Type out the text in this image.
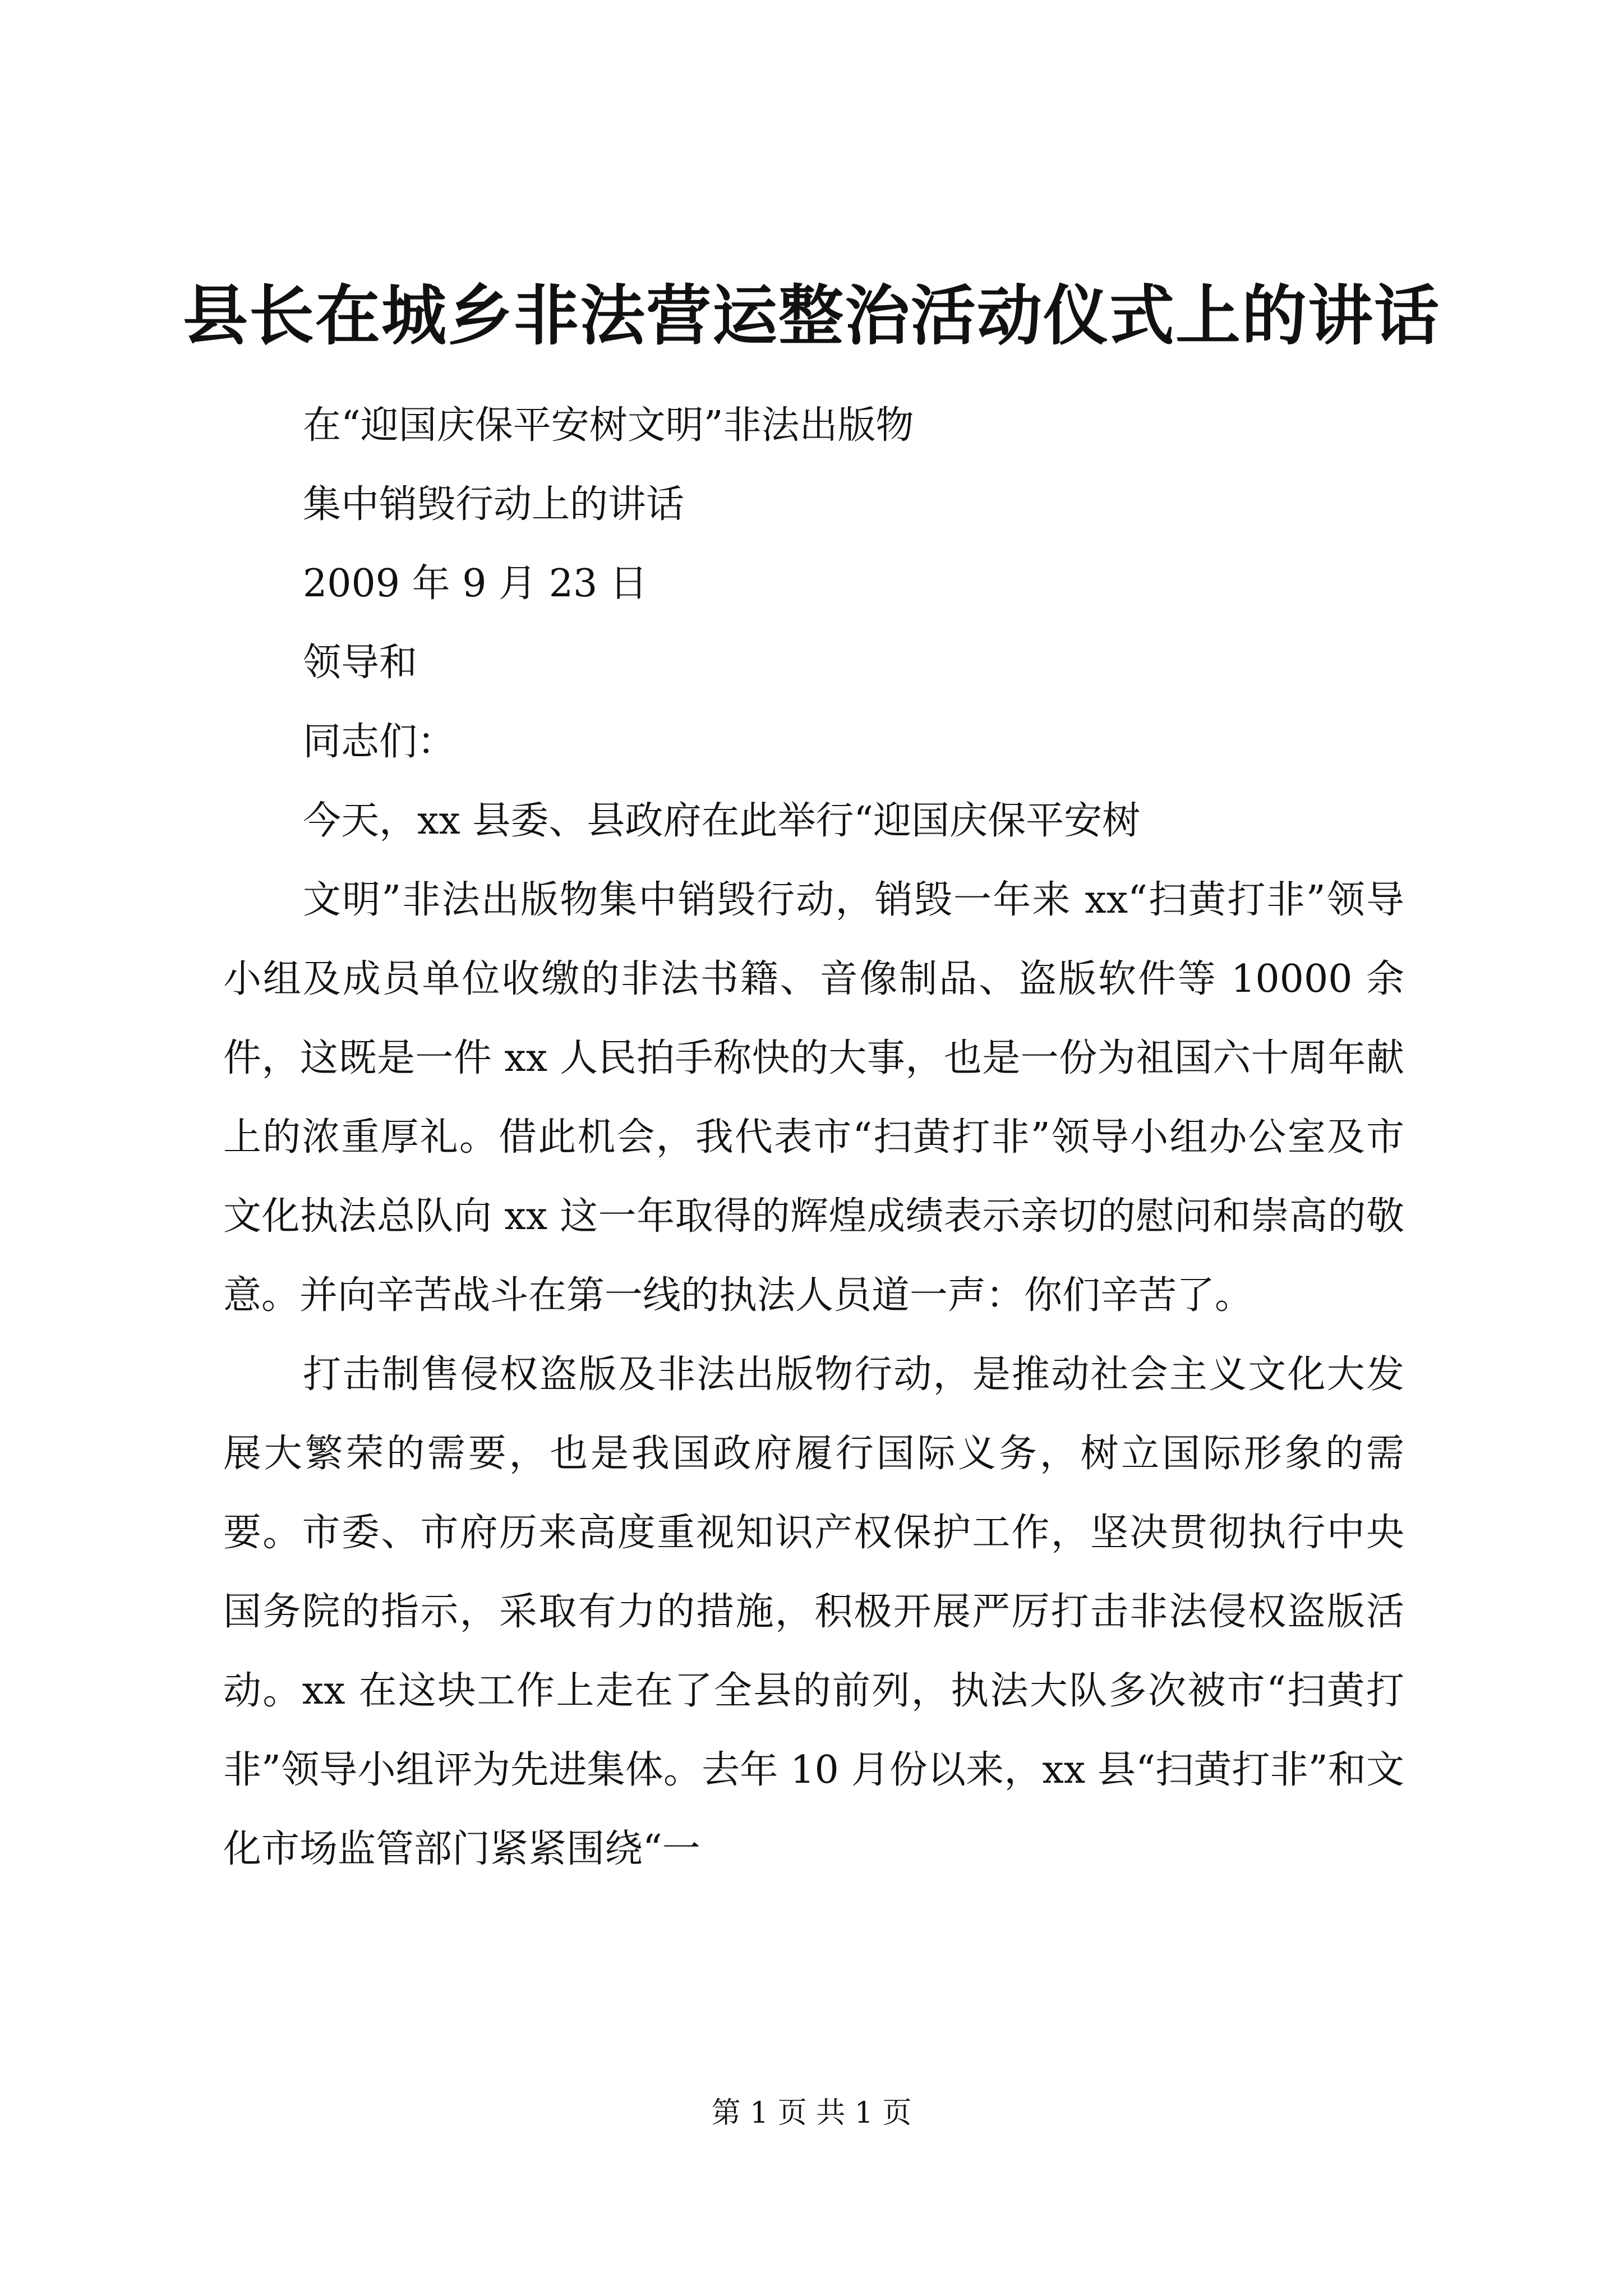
县长在城乡非法营运整治活动仪式上的讲话

在“迎国庆保平安树文明”非法出版物

集中销毁行动上的讲话

2009 年 9 月 23 日

领导和

同志们：

今天，xx 县委、县政府在此举行“迎国庆保平安树

文明”非法出版物集中销毁行动，销毁一年来 xx“扫黄打非”领导小组及成员单位收缴的非法书籍、音像制品、盗版软件等 10000 余件，这既是一件 xx 人民拍手称快的大事，也是一份为祖国六十周年献上的浓重厚礼。借此机会，我代表市“扫黄打非”领导小组办公室及市文化执法总队向 xx 这一年取得的辉煌成绩表示亲切的慰问和崇高的敬意。并向辛苦战斗在第一线的执法人员道一声：你们辛苦了。

打击制售侵权盗版及非法出版物行动，是推动社会主义文化大发展大繁荣的需要，也是我国政府履行国际义务，树立国际形象的需要。市委、市府历来高度重视知识产权保护工作，坚决贯彻执行中央国务院的指示，采取有力的措施，积极开展严厉打击非法侵权盗版活动。xx 在这块工作上走在了全县的前列，执法大队多次被市“扫黄打非”领导小组评为先进集体。去年 10 月份以来，xx 县“扫黄打非”和文化市场监管部门紧紧围绕“一

第 1 页 共 1 页
